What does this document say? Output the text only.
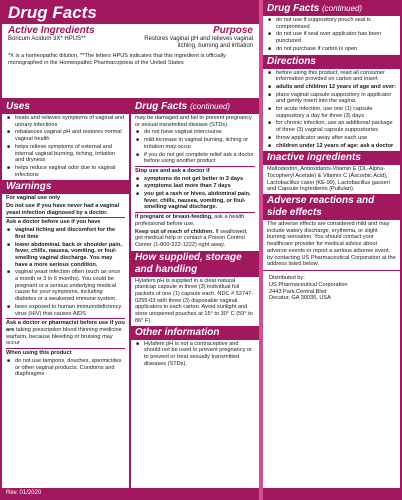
Drug Facts
Active Ingredients	Purpose
Boricum Acidum 3X* HPUS**	Restores vaginal pH and relieves vaginal itching, burning and irritation
*X is a homeopathic dilution. **The letters HPUS indicates that this ingredient is officially monographed in the Homeopathic Pharmacopoeia of the United States
Uses
■ treats and relieves symptoms of vaginal and urinary infections
■ rebalances vaginal pH and restores normal vaginal health
■ helps relieve symptoms of external and internal vaginal burning, itching, irritation and dryness
■ helps reduce vaginal odor due to vaginal infections
Warnings

For vaginal use only

Do not use if you have never had a vaginal yeast infection diagnosed by a doctor.

Ask a doctor before use if you have

■ vaginal itching and discomfort for the first time
■ lower abdominal, back or shoulder pain, fever, chills, nausea, vomiting, or foul-smelling vaginal discharge. You may have a more serious condition.
■ vaginal yeast infection often (such as once a month or 3 in 6 months). You could be pregnant or a serious underlying medical cause for your symptoms, including diabetes or a weakened immune system.
■ been exposed to human immunodeficiency virus (HIV) that causes AIDS

Ask a doctor or pharmacist before use if you are taking prescription blood thinning medicine warfarin, because bleeding or bruising may occur

When using this product

■ do not use tampons, douches, spermicides or other vaginal products. Condoms and diaphragms
Drug Facts (continued)

may be damaged and fail to prevent pregnancy or sexual transmitted disease (STDs).

■ do not have vaginal intercourse
■ mild increase in vaginal burning, itching or irritation may occur
■ if you do not get complete relief ask a doctor before using another product

Stop use and ask a doctor if

■ symptoms do not get better in 3 days
■ symptoms last more than 7 days
■ you get a rash or hives, abdominal pain, fever, chills, nausea, vomiting, or foul-smelling vaginal discharge.

If pregnant or breast-feeding, ask a health professional before use.

Keep out of reach of children. If swallowed, get medical help or contact a Poison Control Center (1-800-222-1222) right away.

How supplied, storage and handling
Hylafem pH is supplied in a clear natural plantcap capsule in three (3) individual foil packets of one (1) capsule each. NDC # 52747-0255-03 with three (3) disposable vaginal applicators in each carton. Avoid sunlight and store unopened pouches at 15° to 30° C (59° to 86° F).
Other information
■ Hylafem pH is not a contraceptive and should not be used to prevent pregnancy or to prevent or treat sexually transmitted diseases (STDs).
Drug Facts (continued)
■ do not use if suppository pouch seal is compromised
■ do not use if seal over applicator has been punctured
■ do not purchase if carton is open
Directions
■ before using this product, read all consumer information provided on carton and insert
■ adults and children 12 years of age and over:
■ place vaginal capsule suppository in applicator and gently insert into the vagina.
■ for acute infection, use one (1) capsule suppository a day for three (3) days
■ for chronic infection, use an additional package of three (3) vaginal capsule suppositories
■ throw applicator away after each use
■ children under 12 years of age: ask a doctor
Inactive ingredients
Maltodextrin, Antioxidants-Vitamin E (DL-Alpha-Tocopheryl Acetate) & Vitamin C (Ascorbic Acid), Lactobacillus casei (KE-99), Lactobacillus gasseri and Capsule Ingredients (Pullulan).
Adverse reactions and side effects
The adverse effects are considered mild and may include watery discharge, erythema, or slight burning sensation. You should contact your healthcare provider for medical advice about adverse events or report a serious adverse event, by contacting US Pharmaceutical Corporation at the address listed below.
Distributed by:
US Pharmaceutical Corporation
2443 Park Central Blvd
Decatur, GA 30035, USA
Rev. 01/2020
